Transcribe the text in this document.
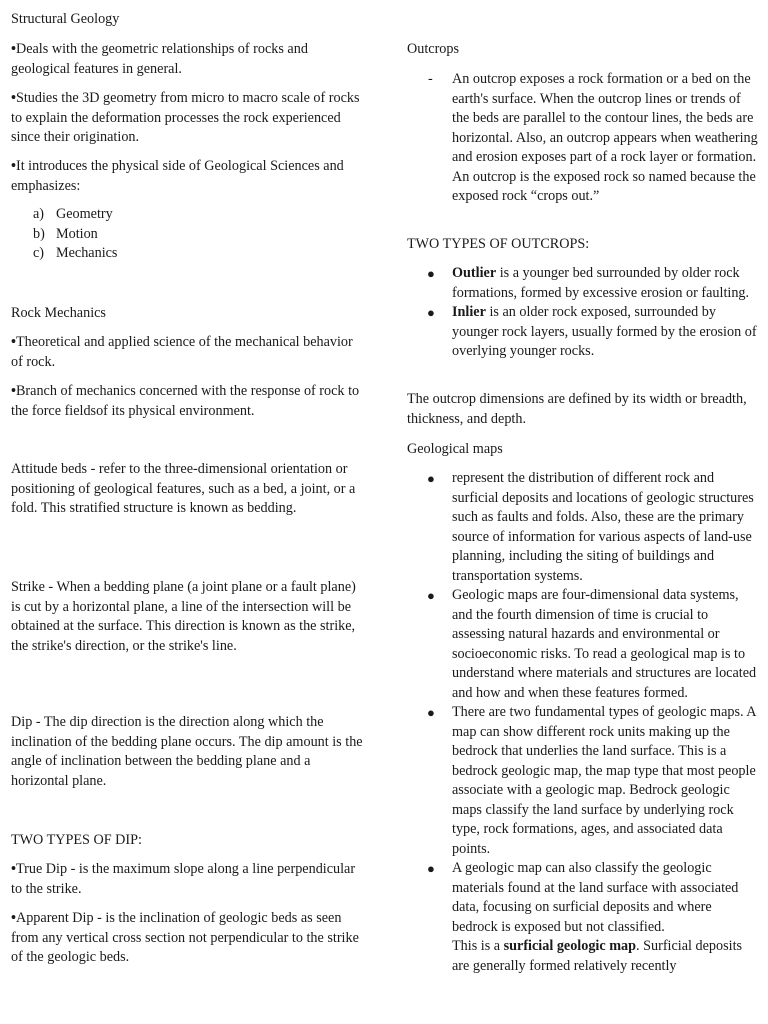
Structural Geology

•Deals with the geometric relationships of rocks and geological features in general.

•Studies the 3D geometry from micro to macro scale of rocks to explain the deformation processes the rock experienced since their origination.

•It introduces the physical side of Geological Sciences and emphasizes:

a) Geometry
b) Motion
c) Mechanics

Rock Mechanics

•Theoretical and applied science of the mechanical behavior of rock.

•Branch of mechanics concerned with the response of rock to the force fieldsof its physical environment.

Attitude beds - refer to the three-dimensional orientation or positioning of geological features, such as a bed, a joint, or a fold. This stratified structure is known as bedding.

Strike - When a bedding plane (a joint plane or a fault plane) is cut by a horizontal plane, a line of the intersection will be obtained at the surface. This direction is known as the strike, the strike's direction, or the strike's line.

Dip - The dip direction is the direction along which the inclination of the bedding plane occurs. The dip amount is the angle of inclination between the bedding plane and a horizontal plane.

TWO TYPES OF DIP:

•True Dip - is the maximum slope along a line perpendicular to the strike.

•Apparent Dip - is the inclination of geologic beds as seen from any vertical cross section not perpendicular to the strike of the geologic beds.

Outcrops

-	An outcrop exposes a rock formation or a bed on the earth's surface. When the outcrop lines or trends of the beds are parallel to the contour lines, the beds are horizontal. Also, an outcrop appears when weathering and erosion exposes part of a rock layer or formation. An outcrop is the exposed rock so named because the exposed rock “crops out.”

TWO TYPES OF OUTCROPS:

● Outlier is a younger bed surrounded by older rock formations, formed by excessive erosion or faulting.
● Inlier is an older rock exposed, surrounded by younger rock layers, usually formed by the erosion of overlying younger rocks.

The outcrop dimensions are defined by its width or breadth, thickness, and depth.

Geological maps

● represent the distribution of different rock and surficial deposits and locations of geologic structures such as faults and folds. Also, these are the primary source of information for various aspects of land-use planning, including the siting of buildings and transportation systems.
● Geologic maps are four-dimensional data systems, and the fourth dimension of time is crucial to assessing natural hazards and environmental or socioeconomic risks. To read a geological map is to understand where materials and structures are located and how and when these features formed.
● There are two fundamental types of geologic maps. A map can show different rock units making up the bedrock that underlies the land surface. This is a bedrock geologic map, the map type that most people associate with a geologic map. Bedrock geologic maps classify the land surface by underlying rock type, rock formations, ages, and associated data points.
● A geologic map can also classify the geologic materials found at the land surface with associated data, focusing on surficial deposits and where bedrock is exposed but not classified.
This is a surficial geologic map. Surficial deposits are generally formed relatively recently
